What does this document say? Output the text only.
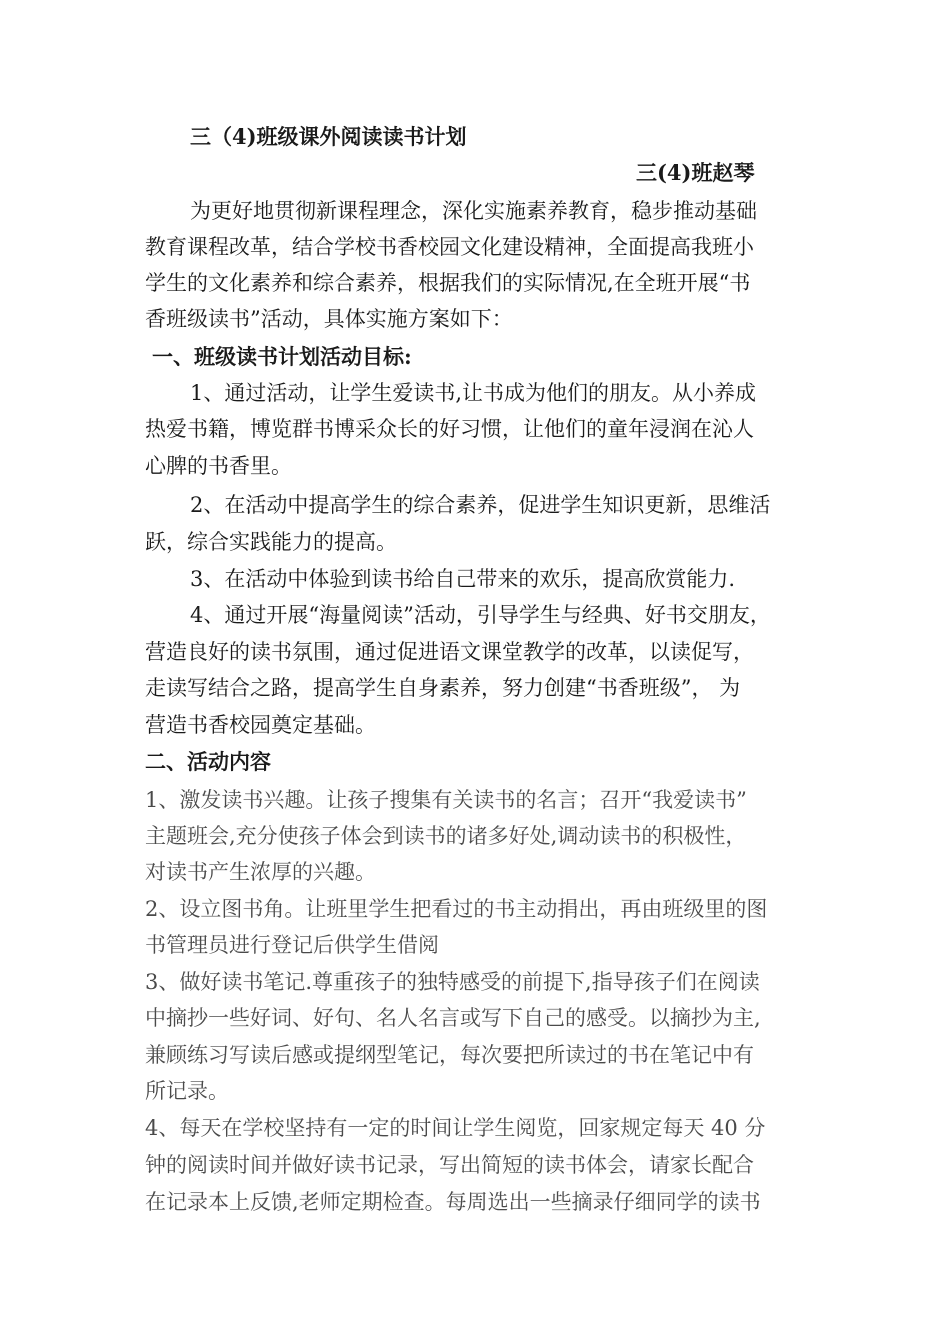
三（4)班级课外阅读读书计划
三(4)班赵琴
为更好地贯彻新课程理念，深化实施素养教育，稳步推动基础
教育课程改革，结合学校书香校园文化建设精神，全面提高我班小
学生的文化素养和综合素养，根据我们的实际情况,在全班开展“书
香班级读书”活动，具体实施方案如下：
一、班级读书计划活动目标:
1、通过活动，让学生爱读书,让书成为他们的朋友。从小养成
热爱书籍，博览群书博采众长的好习惯，让他们的童年浸润在沁人
心脾的书香里。
2、在活动中提高学生的综合素养，促进学生知识更新，思维活
跃，综合实践能力的提高。
3、在活动中体验到读书给自己带来的欢乐，提高欣赏能力.
4、通过开展“海量阅读”活动，引导学生与经典、好书交朋友，
营造良好的读书氛围，通过促进语文课堂教学的改革，以读促写，
走读写结合之路，提高学生自身素养，努力创建“书香班级”， 为
营造书香校园奠定基础。
二、活动内容
1、激发读书兴趣。让孩子搜集有关读书的名言；召开“我爱读书”
主题班会,充分使孩子体会到读书的诸多好处,调动读书的积极性，
对读书产生浓厚的兴趣。
2、设立图书角。让班里学生把看过的书主动捐出，再由班级里的图
书管理员进行登记后供学生借阅
3、做好读书笔记.尊重孩子的独特感受的前提下,指导孩子们在阅读
中摘抄一些好词、好句、名人名言或写下自己的感受。以摘抄为主,
兼顾练习写读后感或提纲型笔记，每次要把所读过的书在笔记中有
所记录。
4、每天在学校坚持有一定的时间让学生阅览，回家规定每天 40 分
钟的阅读时间并做好读书记录，写出简短的读书体会，请家长配合
在记录本上反馈,老师定期检查。每周选出一些摘录仔细同学的读书
